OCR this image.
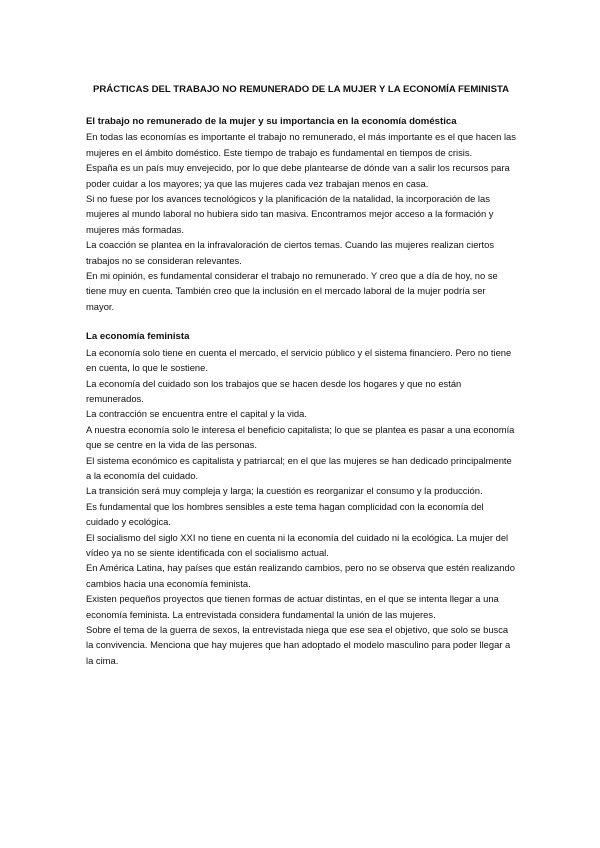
PRÁCTICAS DEL TRABAJO NO REMUNERADO DE LA MUJER Y LA ECONOMÍA FEMINISTA

El trabajo no remunerado de la mujer y su importancia en la economía doméstica

En todas las economías es importante el trabajo no remunerado, el más importante es el que hacen las mujeres en el ámbito doméstico. Este tiempo de trabajo es fundamental en tiempos de crisis.

España es un país muy envejecido, por lo que debe plantearse de dónde van a salir los recursos para poder cuidar a los mayores; ya que las mujeres cada vez trabajan menos en casa.

Si no fuese por los avances tecnológicos y la planificación de la natalidad, la incorporación de las mujeres al mundo laboral no hubiera sido tan masiva. Encontramos mejor acceso a la formación y mujeres más formadas.

La coacción se plantea en la infravaloración de ciertos temas. Cuando las mujeres realizan ciertos trabajos no se consideran relevantes.

En mi opinión, es fundamental considerar el trabajo no remunerado. Y creo que a día de hoy, no se tiene muy en cuenta. También creo que la inclusión en el mercado laboral de la mujer podría ser mayor.

La economía feminista

La economía solo tiene en cuenta el mercado, el servicio público y el sistema financiero. Pero no tiene en cuenta, lo que le sostiene.

La economía del cuidado son los trabajos que se hacen desde los hogares y que no están remunerados.

La contracción se encuentra entre el capital y la vida.

A nuestra economía solo le interesa el beneficio capitalista; lo que se plantea es pasar a una economía que se centre en la vida de las personas.

El sistema económico es capitalista y patriarcal; en el que las mujeres se han dedicado principalmente a la economía del cuidado.

La transición será muy compleja y larga; la cuestión es reorganizar el consumo y la producción.

Es fundamental que los hombres sensibles a este tema hagan complicidad con la economía del cuidado y ecológica.

El socialismo del siglo XXI no tiene en cuenta ni la economía del cuidado ni la ecológica. La mujer del vídeo ya no se siente identificada con el socialismo actual.

En América Latina, hay países que están realizando cambios, pero no se observa que estén realizando cambios hacia una economía feminista.

Existen pequeños proyectos que tienen formas de actuar distintas, en el que se intenta llegar a una economía feminista. La entrevistada considera fundamental la unión de las mujeres.

Sobre el tema de la guerra de sexos, la entrevistada niega que ese sea el objetivo, que solo se busca la convivencia. Menciona que hay mujeres que han adoptado el modelo masculino para poder llegar a la cima.
